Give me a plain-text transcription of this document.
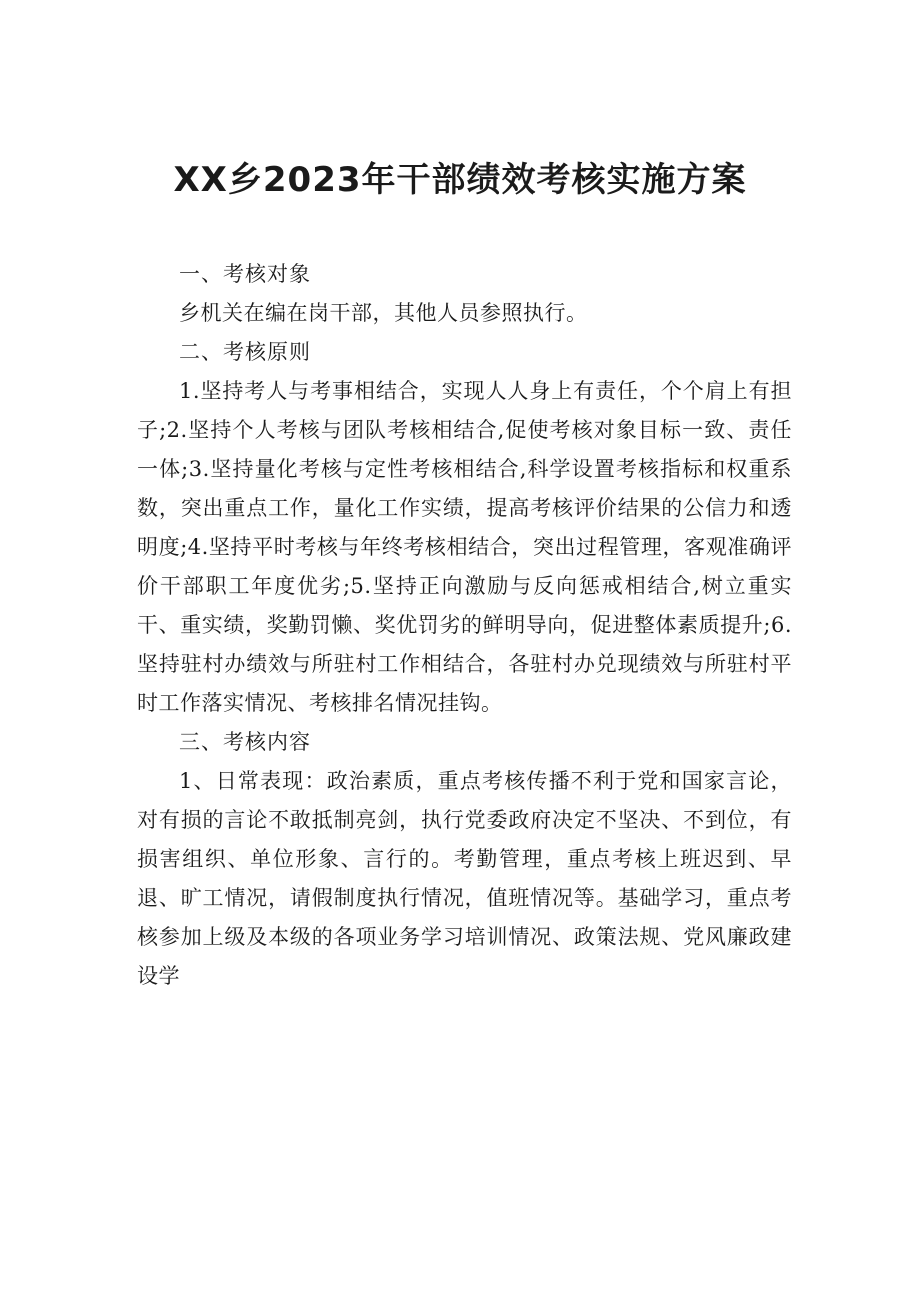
XX乡2023年干部绩效考核实施方案

一、考核对象

乡机关在编在岗干部，其他人员参照执行。

二、考核原则

1.坚持考人与考事相结合，实现人人身上有责任，个个肩上有担子;2.坚持个人考核与团队考核相结合,促使考核对象目标一致、责任一体;3.坚持量化考核与定性考核相结合,科学设置考核指标和权重系数，突出重点工作，量化工作实绩，提高考核评价结果的公信力和透明度;4.坚持平时考核与年终考核相结合，突出过程管理，客观准确评价干部职工年度优劣;5.坚持正向激励与反向惩戒相结合,树立重实干、重实绩，奖勤罚懒、奖优罚劣的鲜明导向，促进整体素质提升;6.坚持驻村办绩效与所驻村工作相结合，各驻村办兑现绩效与所驻村平时工作落实情况、考核排名情况挂钩。

三、考核内容

1、日常表现：政治素质，重点考核传播不利于党和国家言论，对有损的言论不敢抵制亮剑，执行党委政府决定不坚决、不到位，有损害组织、单位形象、言行的。考勤管理，重点考核上班迟到、早退、旷工情况，请假制度执行情况，值班情况等。基础学习，重点考核参加上级及本级的各项业务学习培训情况、政策法规、党风廉政建设学
